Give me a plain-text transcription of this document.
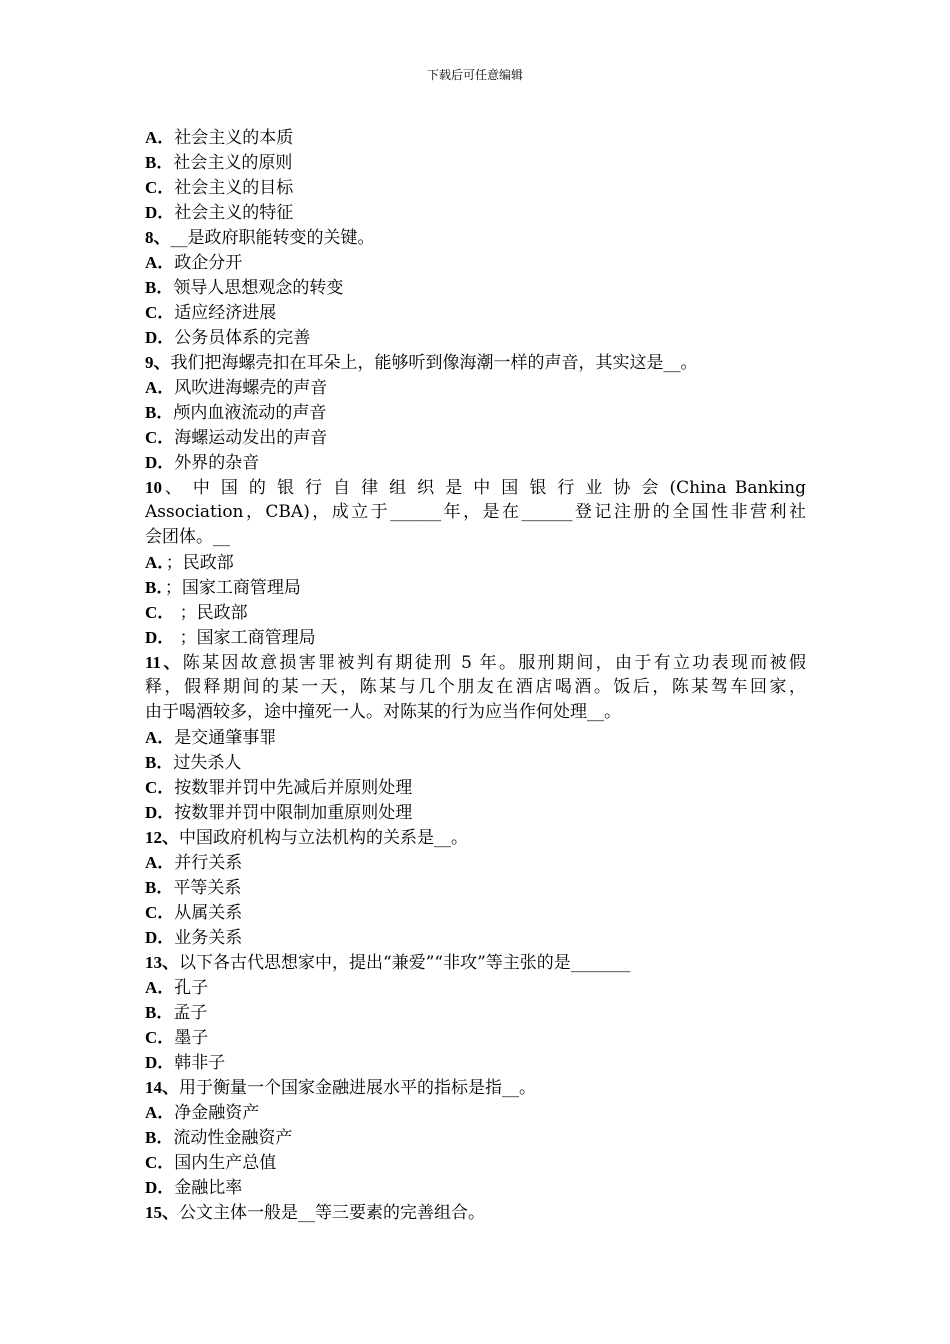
下载后可任意编辑
A．社会主义的本质
B．社会主义的原则
C．社会主义的目标
D．社会主义的特征
8、__是政府职能转变的关键。
A．政企分开
B．领导人思想观念的转变
C．适应经济进展
D．公务员体系的完善
9、我们把海螺壳扣在耳朵上，能够听到像海潮一样的声音，其实这是__。
A．风吹进海螺壳的声音
B．颅内血液流动的声音
C．海螺运动发出的声音
D．外界的杂音
10、 中 国 的 银 行 自 律 组 织 是 中 国 银 行 业 协 会 (China Banking
Association，CBA)，成立于______年，是在______登记注册的全国性非营利社
会团体。__
A．；民政部
B．；国家工商管理局
C． ；民政部
D． ；国家工商管理局
11、陈某因故意损害罪被判有期徒刑 5 年。服刑期间，由于有立功表现而被假
释，假释期间的某一天，陈某与几个朋友在酒店喝酒。饭后，陈某驾车回家，
由于喝酒较多，途中撞死一人。对陈某的行为应当作何处理__。
A．是交通肇事罪
B．过失杀人
C．按数罪并罚中先减后并原则处理
D．按数罪并罚中限制加重原则处理
12、中国政府机构与立法机构的关系是__。
A．并行关系
B．平等关系
C．从属关系
D．业务关系
13、以下各古代思想家中，提出“兼爱”“非攻”等主张的是_______
A．孔子
B．孟子
C．墨子
D．韩非子
14、用于衡量一个国家金融进展水平的指标是指__。
A．净金融资产
B．流动性金融资产
C．国内生产总值
D．金融比率
15、公文主体一般是__等三要素的完善组合。
